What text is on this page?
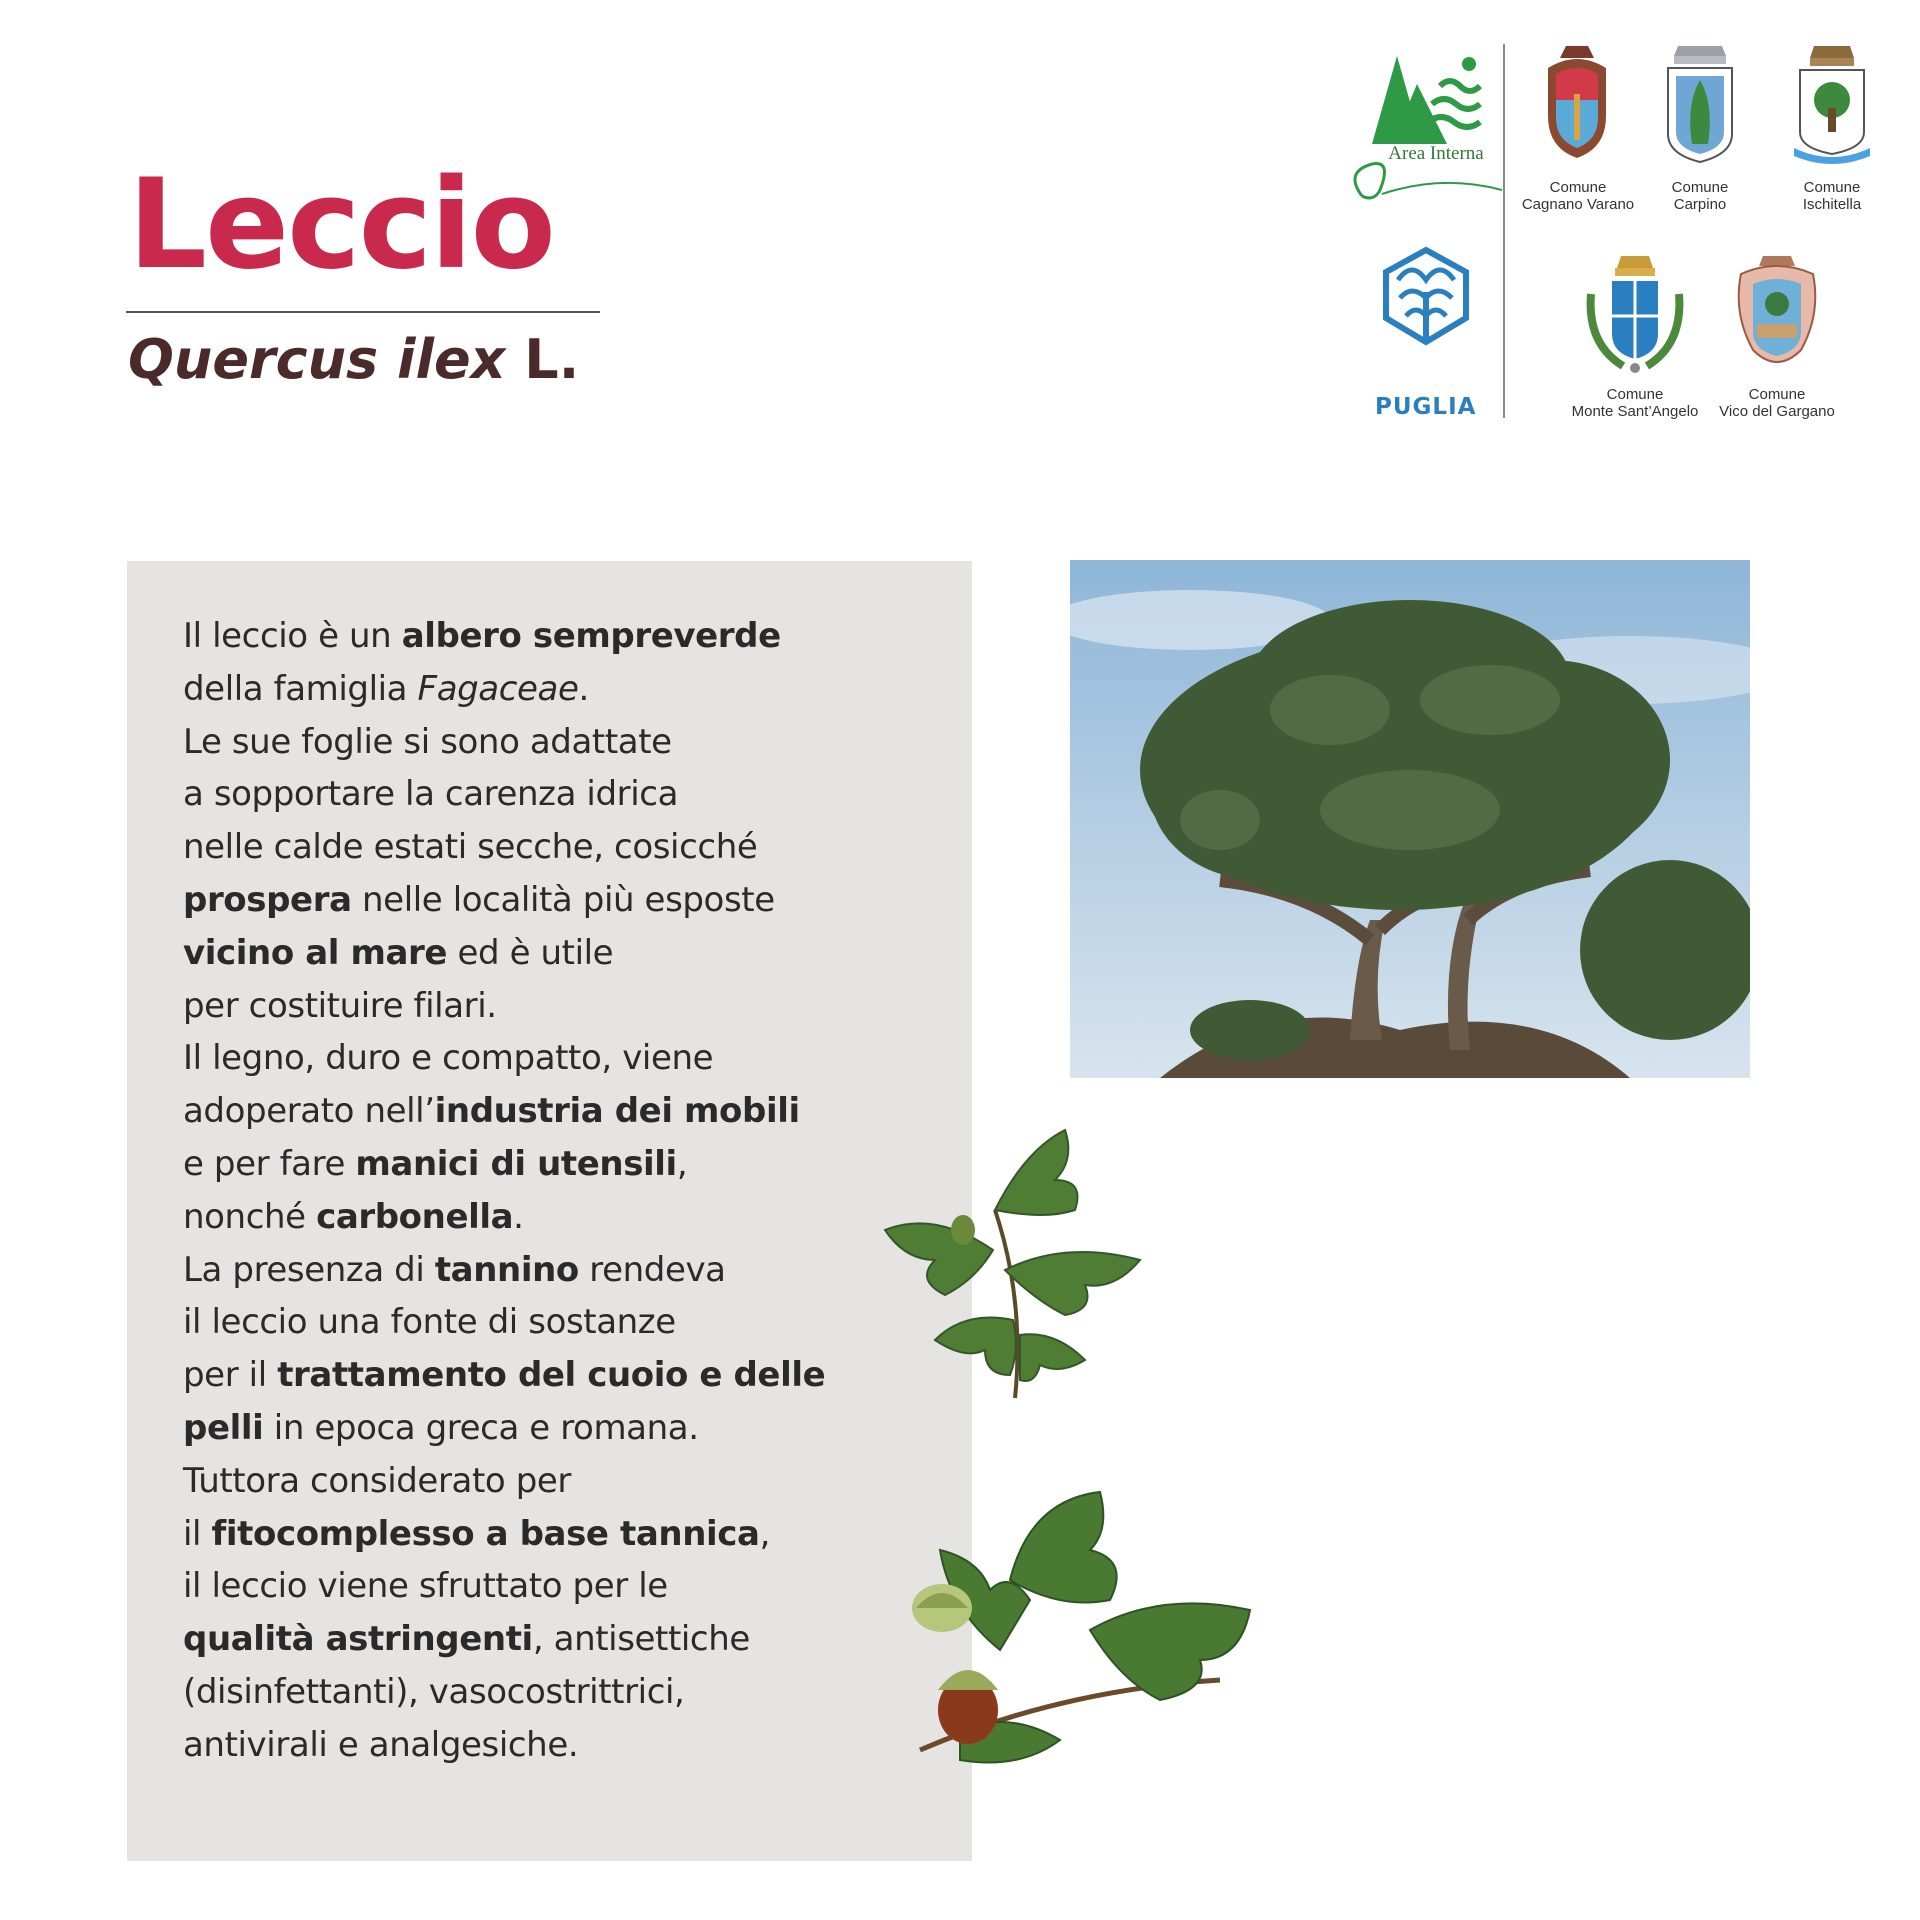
Leccio
Quercus ilex L.
Area Interna
PUGLIA
Comune
Cagnano Varano
Comune
Carpino
Comune
Ischitella
Comune
Monte Sant’Angelo
Comune
Vico del Gargano

Il leccio è un albero sempreverde

della famiglia Fagaceae.

Le sue foglie si sono adattate

a sopportare la carenza idrica

nelle calde estati secche, cosicché

prospera nelle località più esposte

vicino al mare ed è utile

per costituire filari.

Il legno, duro e compatto, viene

adoperato nell’industria dei mobili

e per fare manici di utensili,

nonché carbonella.

La presenza di tannino rendeva

il leccio una fonte di sostanze

per il trattamento del cuoio e delle

pelli in epoca greca e romana.

Tuttora considerato per

il fitocomplesso a base tannica,

il leccio viene sfruttato per le

qualità astringenti, antisettiche

(disinfettanti), vasocostrittrici,

antivirali e analgesiche.
